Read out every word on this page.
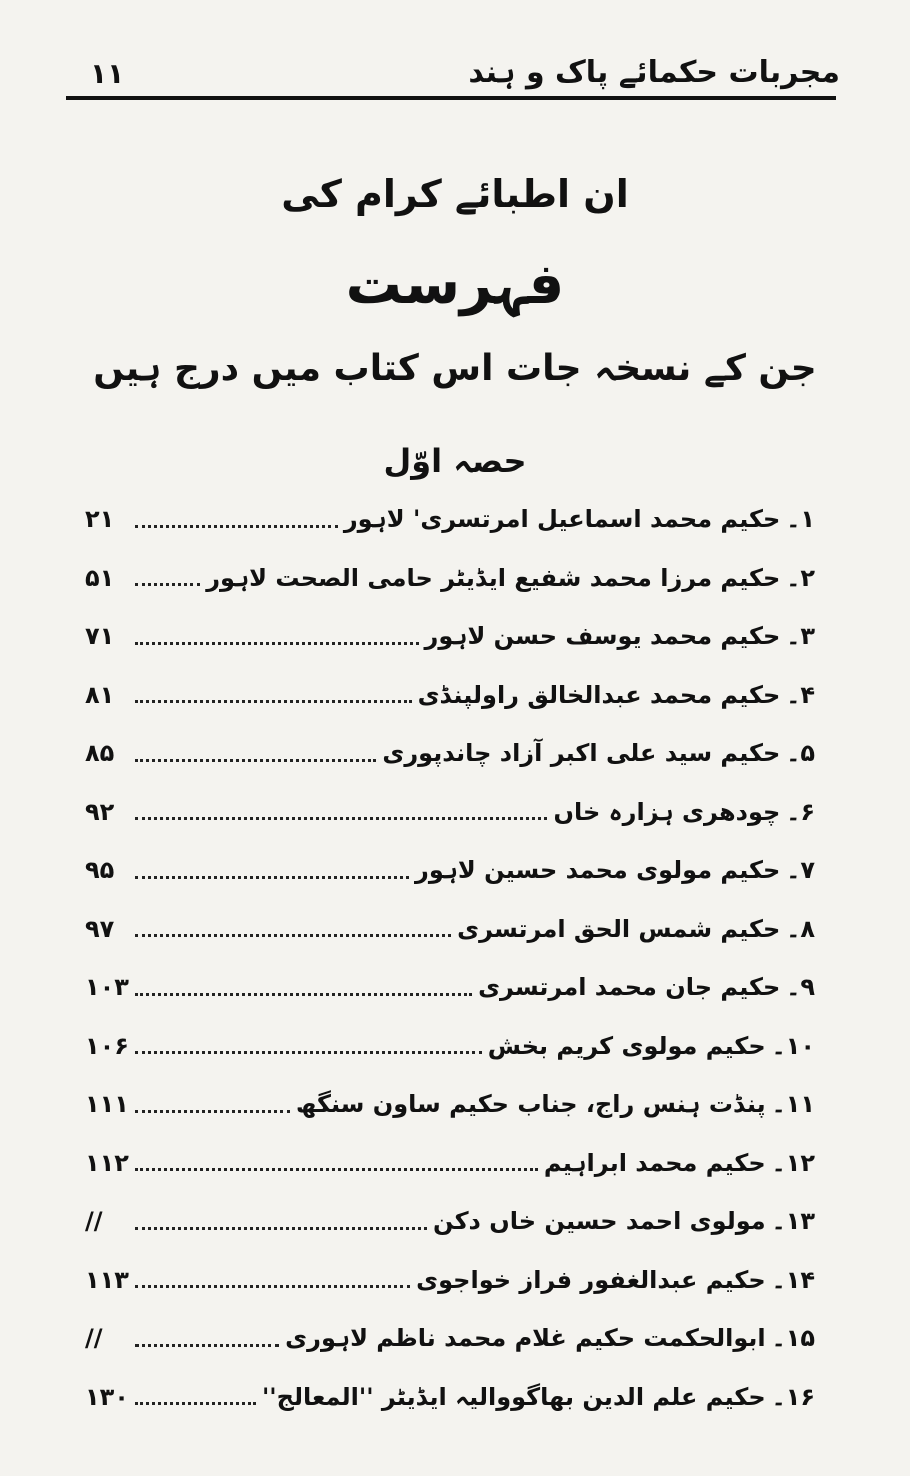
مجربات حکمائے پاک و ہند
۱۱
ان اطبائے کرام کی
فہرست
جن کے نسخہ جات اس کتاب میں درج ہیں
حصہ اوّل
۱۔
حکیم محمد اسماعیل امرتسری' لاہور
۲۱
۲۔
حکیم مرزا محمد شفیع ایڈیٹر حامی الصحت لاہور
۵۱
۳۔
حکیم محمد یوسف حسن لاہور
۷۱
۴۔
حکیم محمد عبدالخالق راولپنڈی
۸۱
۵۔
حکیم سید علی اکبر آزاد چاندپوری
۸۵
۶۔
چودھری ہزارہ خاں
۹۲
۷۔
حکیم مولوی محمد حسین لاہور
۹۵
۸۔
حکیم شمس الحق امرتسری
۹۷
۹۔
حکیم جان محمد امرتسری
۱۰۳
۱۰۔
حکیم مولوی کریم بخش
۱۰۶
۱۱۔
پنڈت ہنس راج، جناب حکیم ساون سنگھ
۱۱۱
۱۲۔
حکیم محمد ابراہیم
۱۱۲
۱۳۔
مولوی احمد حسین خاں دکن
//
۱۴۔
حکیم عبدالغفور فراز خواجوی
۱۱۳
۱۵۔
ابوالحکمت حکیم غلام محمد ناظم لاہوری
//
۱۶۔
حکیم علم الدین بھاگووالیہ ایڈیٹر ''المعالج''
۱۳۰
